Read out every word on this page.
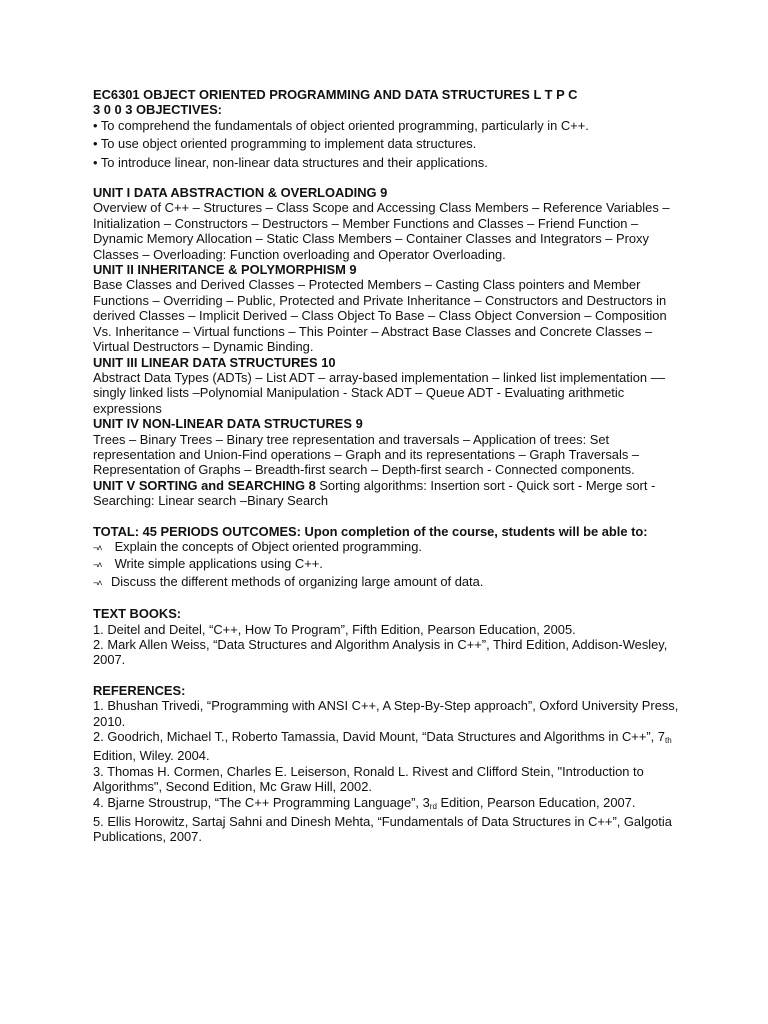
EC6301 OBJECT ORIENTED PROGRAMMING AND DATA STRUCTURES L T P C

3 0 0 3 OBJECTIVES:

• To comprehend the fundamentals of object oriented programming, particularly in C++.

• To use object oriented programming to implement data structures.

• To introduce linear, non-linear data structures and their applications.

UNIT I DATA ABSTRACTION & OVERLOADING 9

Overview of C++ – Structures – Class Scope and Accessing Class Members – Reference Variables – Initialization – Constructors – Destructors – Member Functions and Classes – Friend Function – Dynamic Memory Allocation – Static Class Members – Container Classes and Integrators – Proxy Classes – Overloading: Function overloading and Operator Overloading.

UNIT II INHERITANCE & POLYMORPHISM 9

Base Classes and Derived Classes – Protected Members – Casting Class pointers and Member Functions – Overriding – Public, Protected and Private Inheritance – Constructors and Destructors in derived Classes – Implicit Derived – Class Object To Base – Class Object Conversion – Composition Vs. Inheritance – Virtual functions – This Pointer – Abstract Base Classes and Concrete Classes – Virtual Destructors – Dynamic Binding.

UNIT III LINEAR DATA STRUCTURES 10

Abstract Data Types (ADTs) – List ADT – array-based implementation – linked list implementation –– singly linked lists –Polynomial Manipulation - Stack ADT – Queue ADT - Evaluating arithmetic expressions

UNIT IV NON-LINEAR DATA STRUCTURES 9

Trees – Binary Trees – Binary tree representation and traversals – Application of trees: Set representation and Union-Find operations – Graph and its representations – Graph Traversals – Representation of Graphs – Breadth-first search – Depth-first search - Connected components.

UNIT V SORTING and SEARCHING 8 Sorting algorithms: Insertion sort - Quick sort - Merge sort - Searching: Linear search –Binary Search

TOTAL: 45 PERIODS OUTCOMES: Upon completion of the course, students will be able to:

¬˄ Explain the concepts of Object oriented programming.

¬˄ Write simple applications using C++.

¬˄ Discuss the different methods of organizing large amount of data.

TEXT BOOKS:

1. Deitel and Deitel, “C++, How To Program”, Fifth Edition, Pearson Education, 2005.

2. Mark Allen Weiss, “Data Structures and Algorithm Analysis in C++”, Third Edition, Addison-Wesley, 2007.

REFERENCES:

1. Bhushan Trivedi, “Programming with ANSI C++, A Step-By-Step approach”, Oxford University Press, 2010.

2. Goodrich, Michael T., Roberto Tamassia, David Mount, “Data Structures and Algorithms in C++”, $7_{th}$ Edition, Wiley. 2004.

3. Thomas H. Cormen, Charles E. Leiserson, Ronald L. Rivest and Clifford Stein, "Introduction to Algorithms", Second Edition, Mc Graw Hill, 2002.

4. Bjarne Stroustrup, “The C++ Programming Language”, $3_{rd}$ Edition, Pearson Education, 2007.

5. Ellis Horowitz, Sartaj Sahni and Dinesh Mehta, “Fundamentals of Data Structures in C++”, Galgotia Publications, 2007.
